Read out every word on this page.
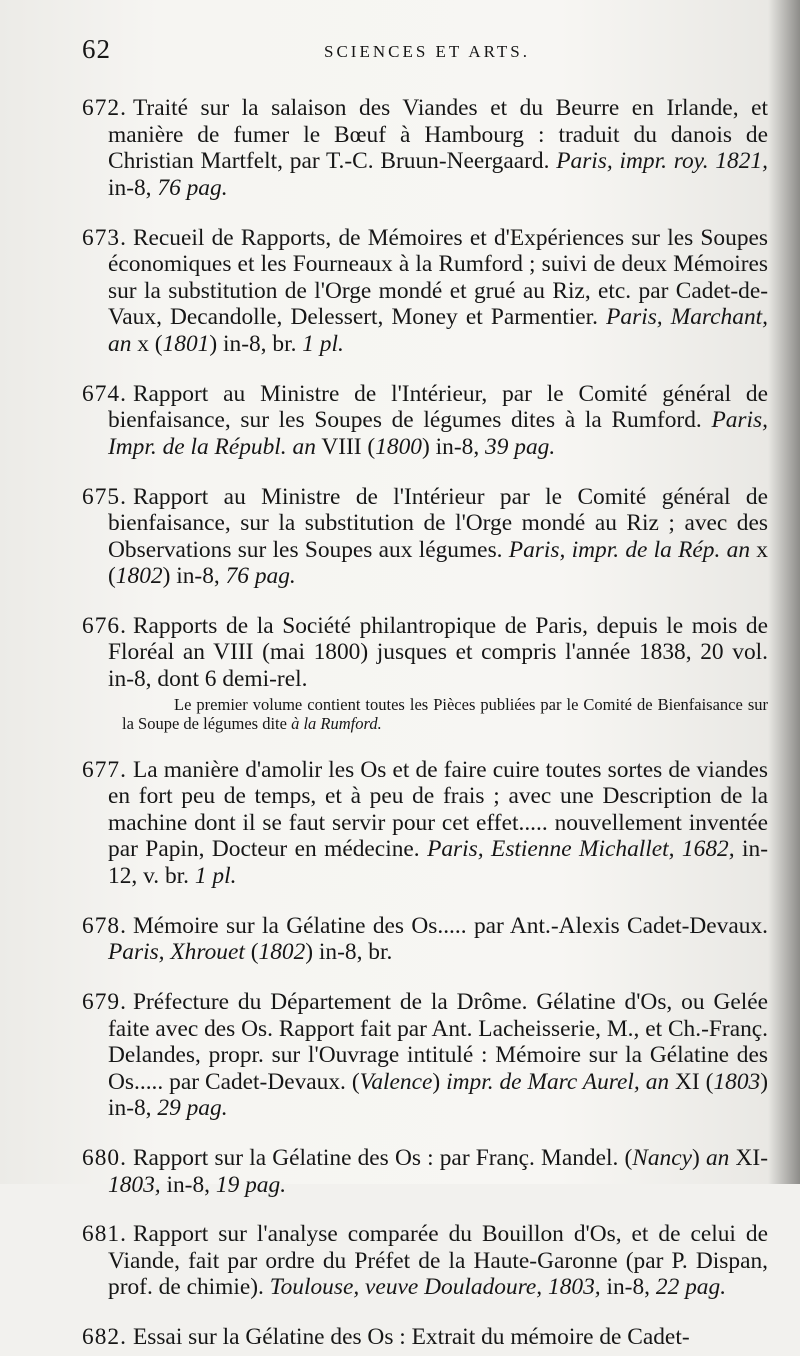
62	SCIENCES ET ARTS.

672. Traité sur la salaison des Viandes et du Beurre en Irlande, et manière de fumer le Bœuf à Hambourg : traduit du danois de Christian Martfelt, par T.-C. Bruun-Neergaard. Paris, impr. roy. 1821, in-8, 76 pag.

673. Recueil de Rapports, de Mémoires et d'Expériences sur les Soupes économiques et les Fourneaux à la Rumford ; suivi de deux Mémoires sur la substitution de l'Orge mondé et grué au Riz, etc. par Cadet-de-Vaux, Decandolle, Delessert, Money et Parmentier. Paris, Marchant, an x (1801) in-8, br. 1 pl.

674. Rapport au Ministre de l'Intérieur, par le Comité général de bienfaisance, sur les Soupes de légumes dites à la Rumford. Paris, Impr. de la Républ. an VIII (1800) in-8, 39 pag.

675. Rapport au Ministre de l'Intérieur par le Comité général de bienfaisance, sur la substitution de l'Orge mondé au Riz ; avec des Observations sur les Soupes aux légumes. Paris, impr. de la Rép. an x (1802) in-8, 76 pag.

676. Rapports de la Société philantropique de Paris, depuis le mois de Floréal an VIII (mai 1800) jusques et compris l'année 1838, 20 vol. in-8, dont 6 demi-rel.

Le premier volume contient toutes les Pièces publiées par le Comité de Bienfaisance sur la Soupe de légumes dite à la Rumford.

677. La manière d'amolir les Os et de faire cuire toutes sortes de viandes en fort peu de temps, et à peu de frais ; avec une Description de la machine dont il se faut servir pour cet effet..... nouvellement inventée par Papin, Docteur en médecine. Paris, Estienne Michallet, 1682, in-12, v. br. 1 pl.

678. Mémoire sur la Gélatine des Os..... par Ant.-Alexis Cadet-Devaux. Paris, Xhrouet (1802) in-8, br.

679. Préfecture du Département de la Drôme. Gélatine d'Os, ou Gelée faite avec des Os. Rapport fait par Ant. Lacheisserie, M., et Ch.-Franç. Delandes, propr. sur l'Ouvrage intitulé : Mémoire sur la Gélatine des Os..... par Cadet-Devaux. (Valence) impr. de Marc Aurel, an XI (1803) in-8, 29 pag.

680. Rapport sur la Gélatine des Os : par Franç. Mandel. (Nancy) an XI-1803, in-8, 19 pag.

681. Rapport sur l'analyse comparée du Bouillon d'Os, et de celui de Viande, fait par ordre du Préfet de la Haute-Garonne (par P. Dispan, prof. de chimie). Toulouse, veuve Douladoure, 1803, in-8, 22 pag.

682. Essai sur la Gélatine des Os : Extrait du mémoire de Cadet-
